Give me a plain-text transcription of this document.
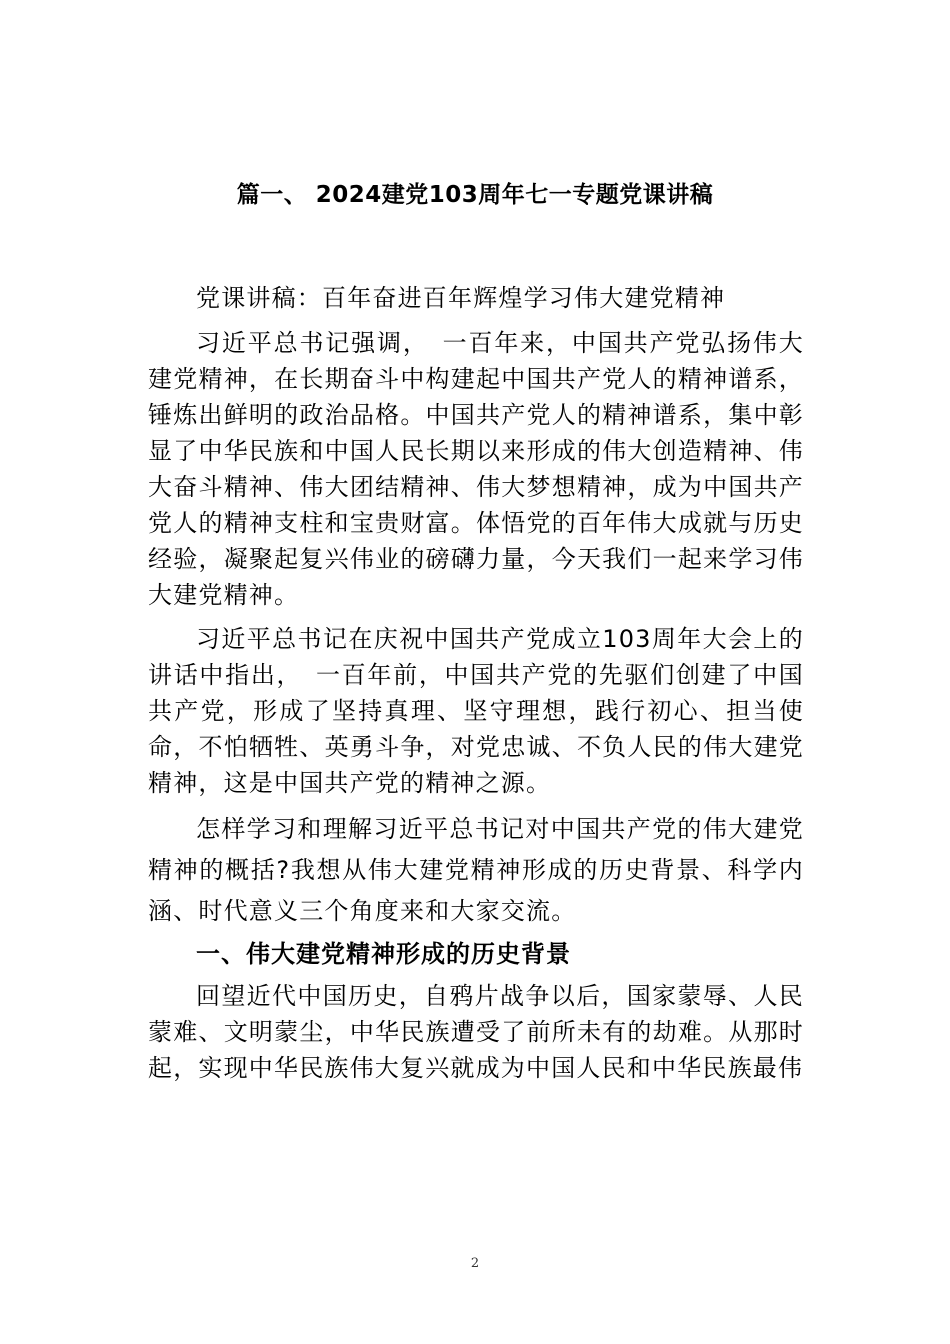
篇一、 2024建党103周年七一专题党课讲稿

党课讲稿：百年奋进百年辉煌学习伟大建党精神

习近平总书记强调，　一百年来，中国共产党弘扬伟大建党精神，在长期奋斗中构建起中国共产党人的精神谱系，锤炼出鲜明的政治品格。中国共产党人的精神谱系，集中彰显了中华民族和中国人民长期以来形成的伟大创造精神、伟大奋斗精神、伟大团结精神、伟大梦想精神，成为中国共产党人的精神支柱和宝贵财富。体悟党的百年伟大成就与历史经验，凝聚起复兴伟业的磅礴力量，今天我们一起来学习伟大建党精神。

习近平总书记在庆祝中国共产党成立103周年大会上的讲话中指出，　一百年前，中国共产党的先驱们创建了中国共产党，形成了坚持真理、坚守理想，践行初心、担当使命，不怕牺牲、英勇斗争，对党忠诚、不负人民的伟大建党精神，这是中国共产党的精神之源。

怎样学习和理解习近平总书记对中国共产党的伟大建党精神的概括?我想从伟大建党精神形成的历史背景、科学内涵、时代意义三个角度来和大家交流。

一、伟大建党精神形成的历史背景

回望近代中国历史，自鸦片战争以后，国家蒙辱、人民蒙难、文明蒙尘，中华民族遭受了前所未有的劫难。从那时起，实现中华民族伟大复兴就成为中国人民和中华民族最伟

2
